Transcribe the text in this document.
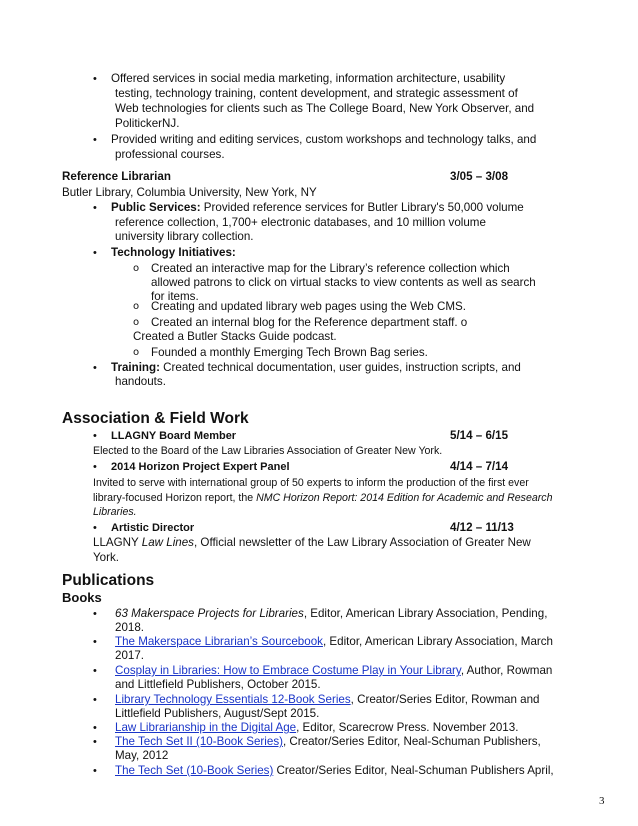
• Offered services in social media marketing, information architecture, usability
testing, technology training, content development, and strategic assessment of
Web technologies for clients such as The College Board, New York Observer, and
PolitickerNJ.
• Provided writing and editing services, custom workshops and technology talks, and
professional courses.
Reference Librarian	3/05 – 3/08
Butler Library, Columbia University, New York, NY
• Public Services: Provided reference services for Butler Library's 50,000 volume
reference collection, 1,700+ electronic databases, and 10 million volume
university library collection.
• Technology Initiatives:
o Created an interactive map for the Library’s reference collection which
allowed patrons to click on virtual stacks to view contents as well as search
for items.
o Creating and updated library web pages using the Web CMS.
o Created an internal blog for the Reference department staff. o
Created a Butler Stacks Guide podcast.
o Founded a monthly Emerging Tech Brown Bag series.
• Training: Created technical documentation, user guides, instruction scripts, and
handouts.
Association & Field Work
• LLAGNY Board Member	5/14 – 6/15
Elected to the Board of the Law Libraries Association of Greater New York.
• 2014 Horizon Project Expert Panel	4/14 – 7/14
Invited to serve with international group of 50 experts to inform the production of the first ever
library-focused Horizon report, the NMC Horizon Report: 2014 Edition for Academic and Research
Libraries.
• Artistic Director	4/12 – 11/13
LLAGNY Law Lines, Official newsletter of the Law Library Association of Greater New
York.
Publications
Books
• 63 Makerspace Projects for Libraries, Editor, American Library Association, Pending,
2018.
• The Makerspace Librarian’s Sourcebook, Editor, American Library Association, March
2017.
• Cosplay in Libraries: How to Embrace Costume Play in Your Library, Author, Rowman
and Littlefield Publishers, October 2015.
• Library Technology Essentials 12-Book Series, Creator/Series Editor, Rowman and
Littlefield Publishers, August/Sept 2015.
• Law Librarianship in the Digital Age, Editor, Scarecrow Press. November 2013.
• The Tech Set II (10-Book Series), Creator/Series Editor, Neal-Schuman Publishers,
May, 2012
• The Tech Set (10-Book Series) Creator/Series Editor, Neal-Schuman Publishers April,
3
